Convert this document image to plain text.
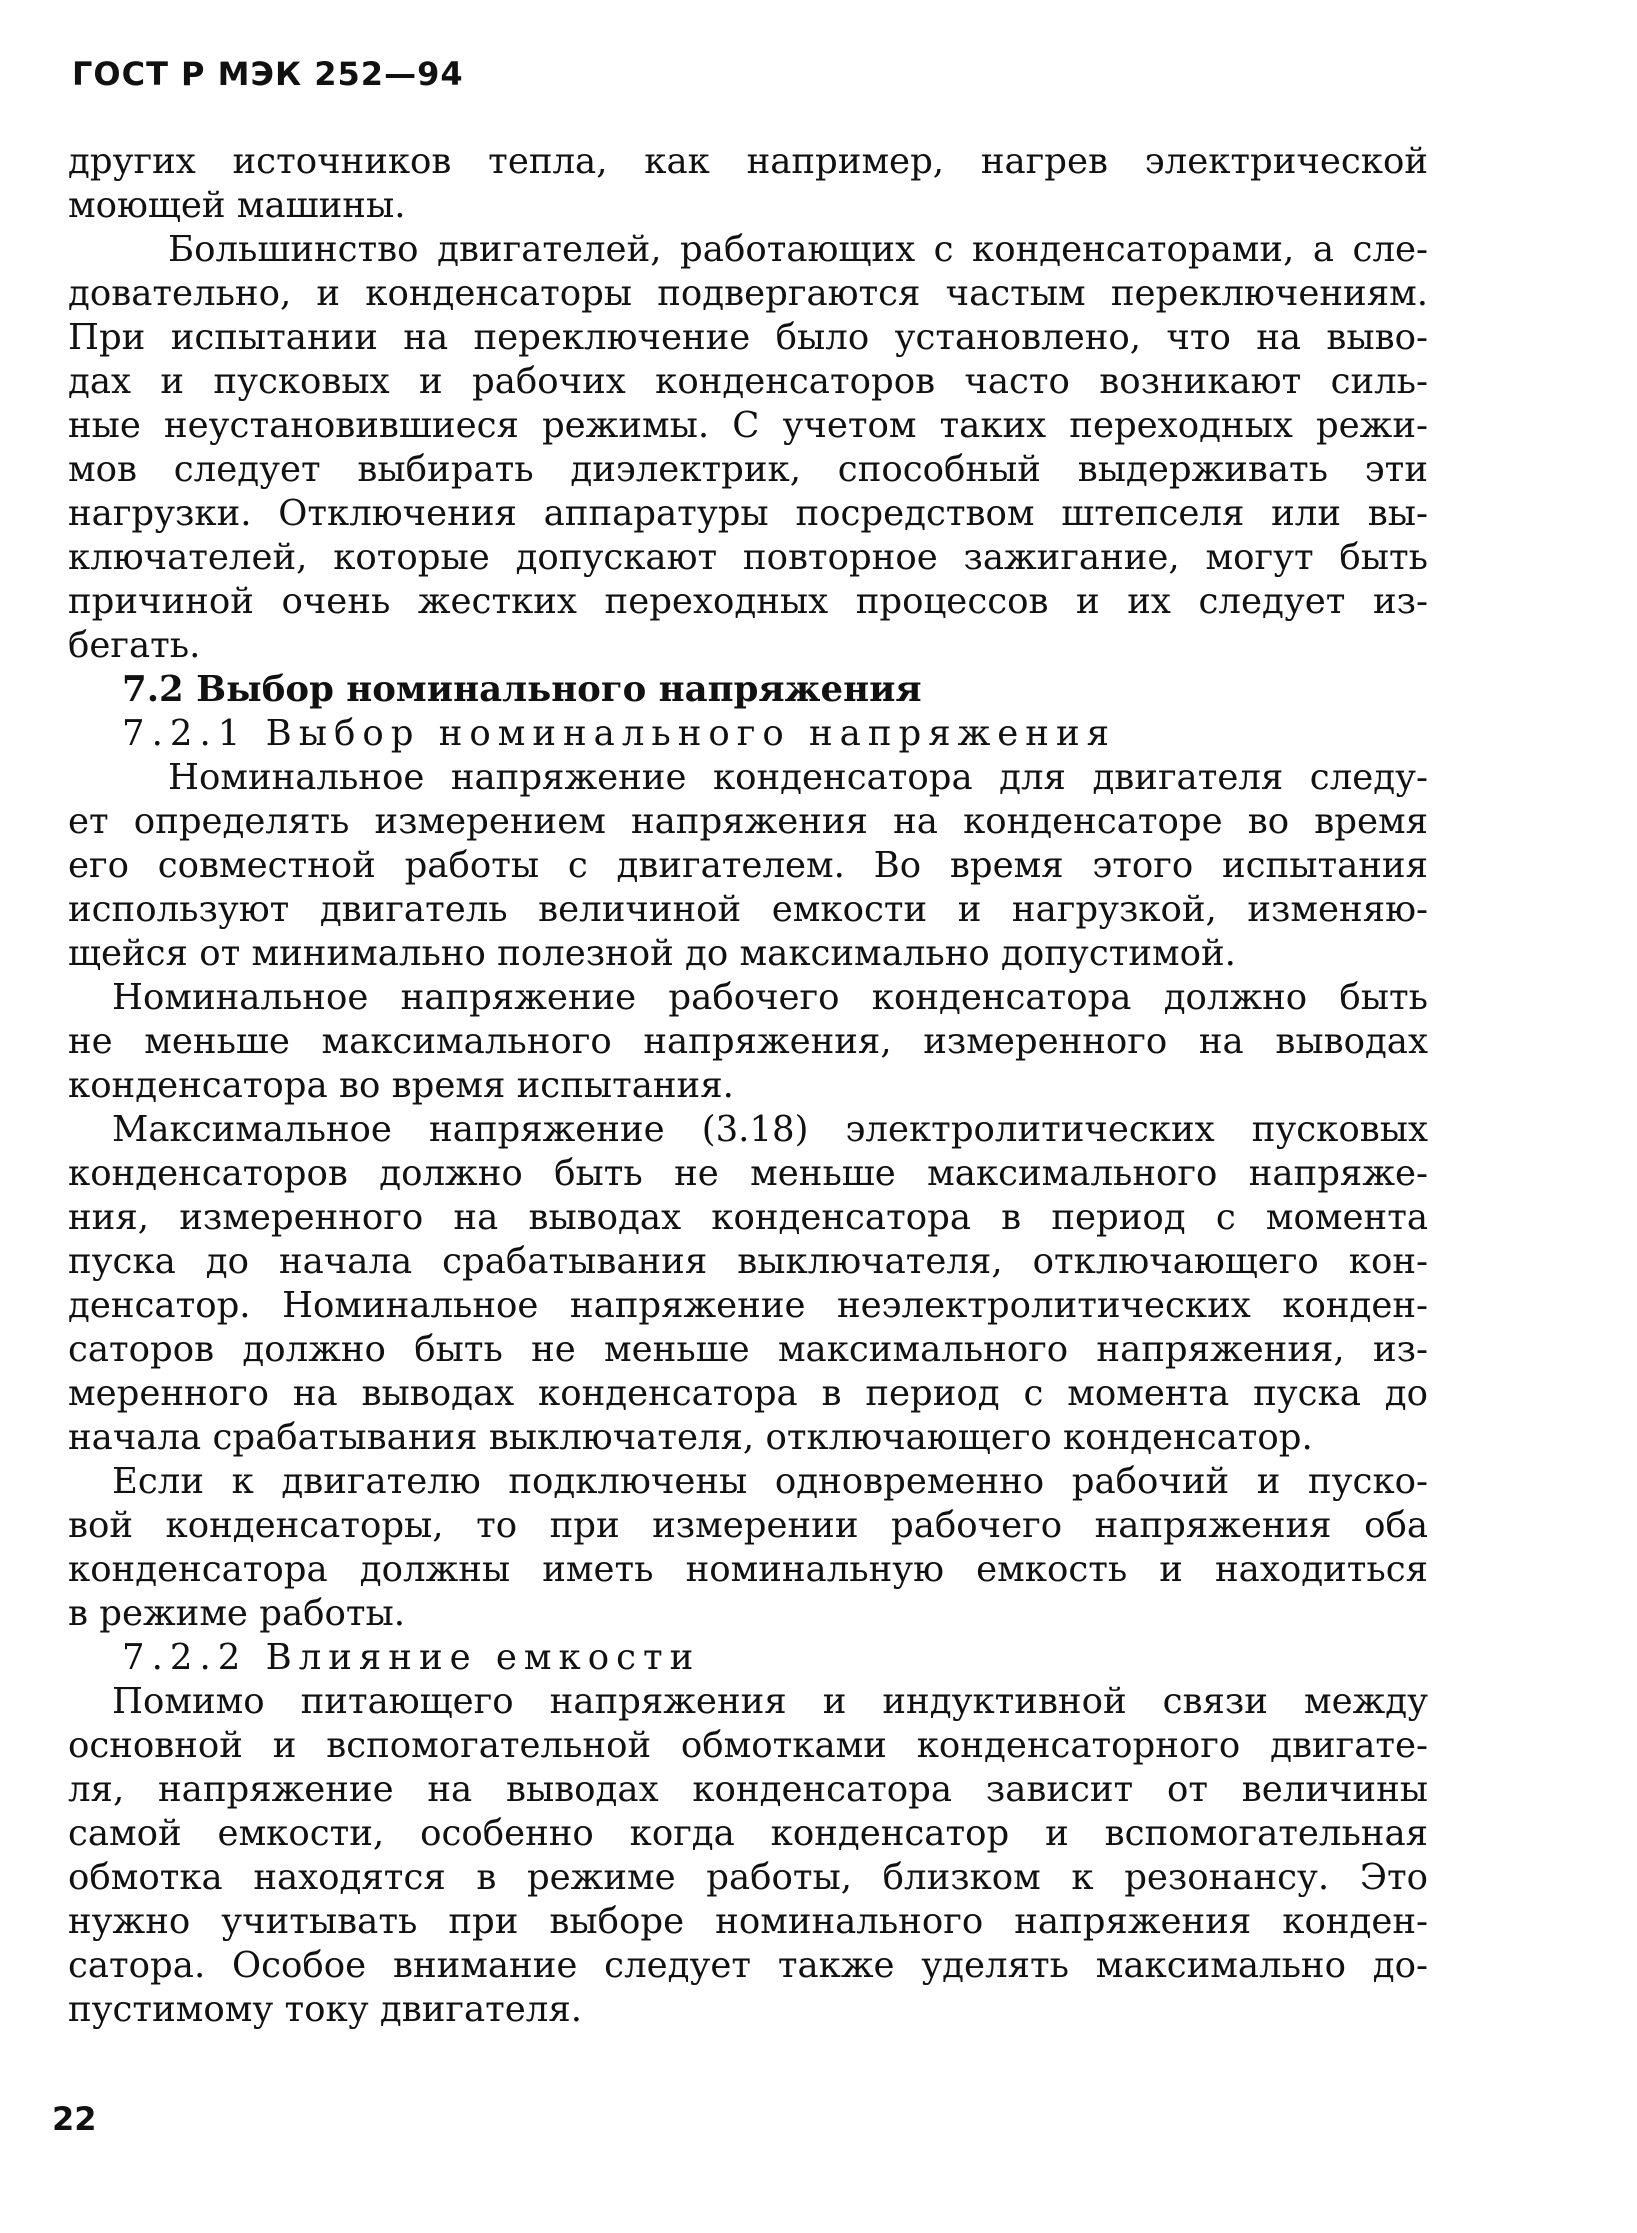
ГОСТ Р МЭК 252—94
других источников тепла, как например, нагрев электрической
моющей машины.
Большинство двигателей, работающих с конденсаторами, а сле-
довательно, и конденсаторы подвергаются частым переключениям.
При испытании на переключение было установлено, что на выво-
дах и пусковых и рабочих конденсаторов часто возникают силь-
ные неустановившиеся режимы. С учетом таких переходных режи-
мов следует выбирать диэлектрик, способный выдерживать эти
нагрузки. Отключения аппаратуры посредством штепселя или вы-
ключателей, которые допускают повторное зажигание, могут быть
причиной очень жестких переходных процессов и их следует из-
бегать.
7.2 Выбор номинального напряжения
7.2.1 Выбор номинального напряжения
Номинальное напряжение конденсатора для двигателя следу-
ет определять измерением напряжения на конденсаторе во время
его совместной работы с двигателем. Во время этого испытания
используют двигатель величиной емкости и нагрузкой, изменяю-
щейся от минимально полезной до максимально допустимой.
Номинальное напряжение рабочего конденсатора должно быть
не меньше максимального напряжения, измеренного на выводах
конденсатора во время испытания.
Максимальное напряжение (3.18) электролитических пусковых
конденсаторов должно быть не меньше максимального напряже-
ния, измеренного на выводах конденсатора в период с момента
пуска до начала срабатывания выключателя, отключающего кон-
денсатор. Номинальное напряжение неэлектролитических конден-
саторов должно быть не меньше максимального напряжения, из-
меренного на выводах конденсатора в период с момента пуска до
начала срабатывания выключателя, отключающего конденсатор.
Если к двигателю подключены одновременно рабочий и пуско-
вой конденсаторы, то при измерении рабочего напряжения оба
конденсатора должны иметь номинальную емкость и находиться
в режиме работы.
7.2.2 Влияние емкости
Помимо питающего напряжения и индуктивной связи между
основной и вспомогательной обмотками конденсаторного двигате-
ля, напряжение на выводах конденсатора зависит от величины
самой емкости, особенно когда конденсатор и вспомогательная
обмотка находятся в режиме работы, близком к резонансу. Это
нужно учитывать при выборе номинального напряжения конден-
сатора. Особое внимание следует также уделять максимально до-
пустимому току двигателя.
22
